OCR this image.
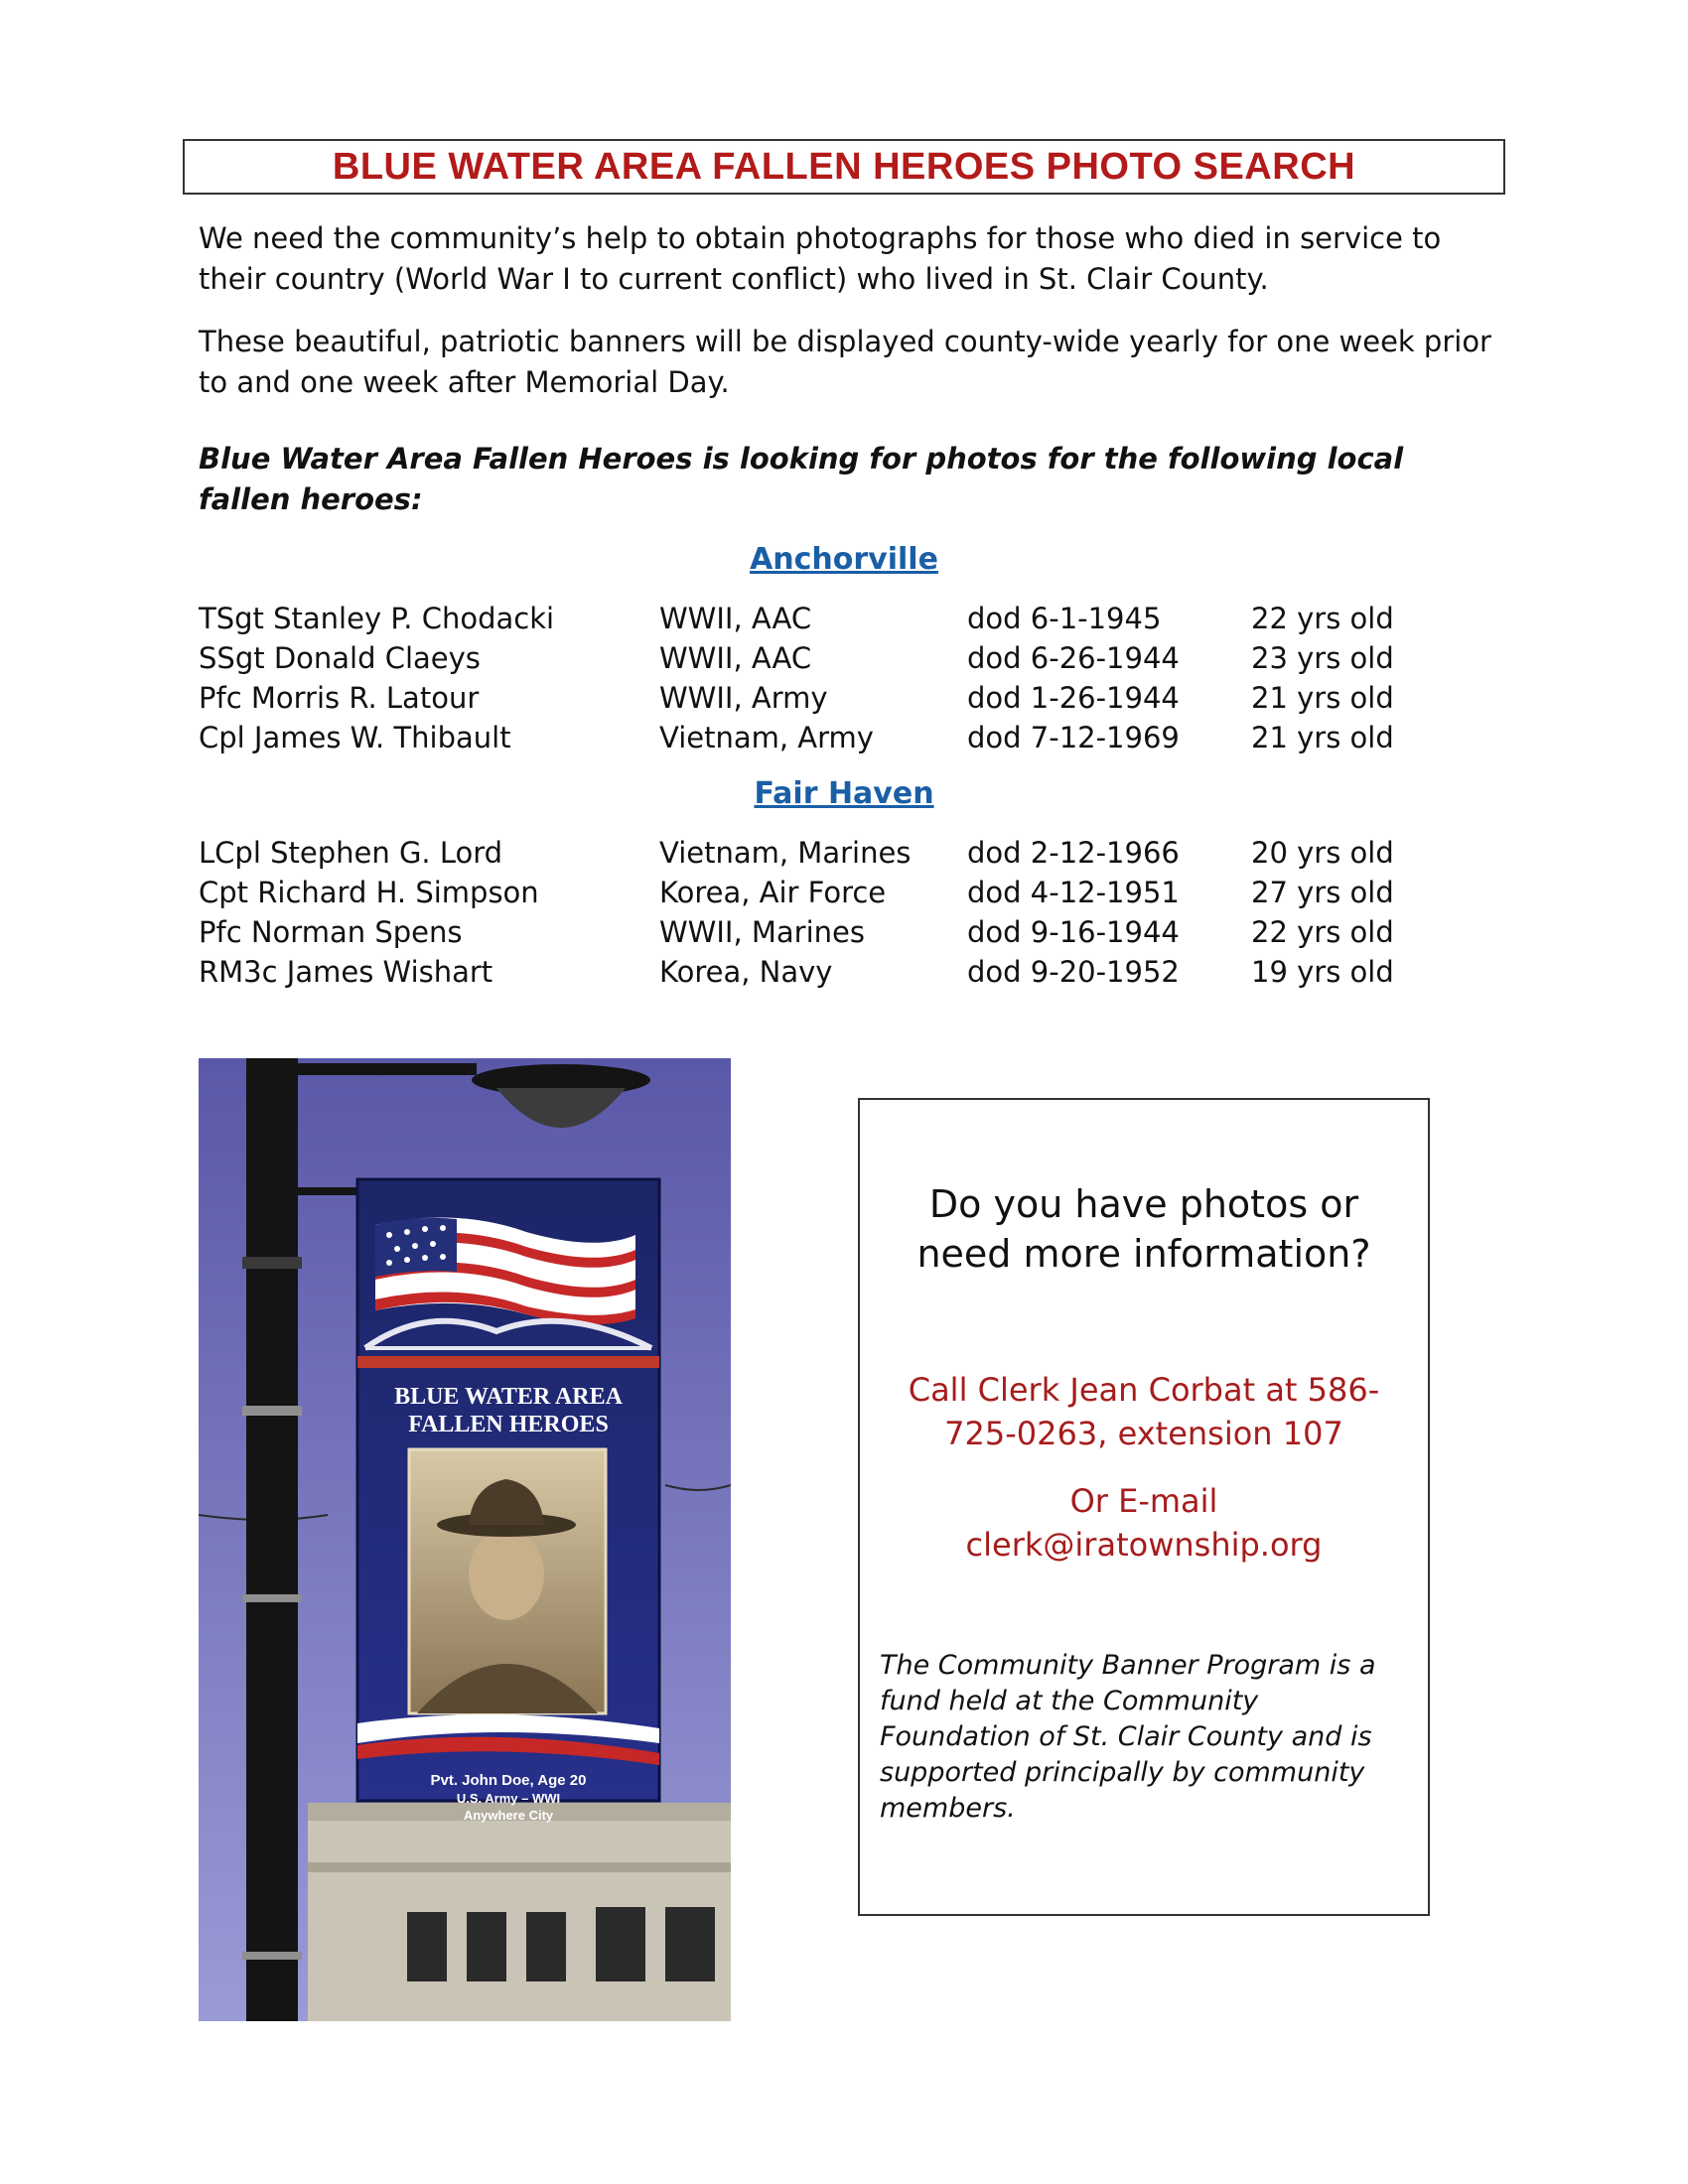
BLUE WATER AREA FALLEN HEROES PHOTO SEARCH

We need the community’s help to obtain photographs for those who died in service to their country (World War I to current conflict) who lived in St. Clair County.

These beautiful, patriotic banners will be displayed county-wide yearly for one week prior to and one week after Memorial Day.

Blue Water Area Fallen Heroes is looking for photos for the following local fallen heroes:

Anchorville
TSgt Stanley P. Chodacki	WWII, AAC	dod 6-1-1945	22 yrs old
SSgt Donald Claeys	WWII, AAC	dod 6-26-1944 23 yrs old
Pfc Morris R. Latour	WWII, Army	dod 1-26-1944 21 yrs old
Cpl James W. Thibault	Vietnam, Army	dod 7-12-1969 21 yrs old
Fair Haven
LCpl Stephen G. Lord	Vietnam, Marines dod 2-12-1966 20 yrs old
Cpt Richard H. Simpson	Korea, Air Force	dod 4-12-1951 27 yrs old
Pfc Norman Spens	WWII, Marines	dod 9-16-1944 22 yrs old
RM3c James Wishart	Korea, Navy	dod 9-20-1952 19 yrs old
BLUE WATER AREA
FALLEN HEROES
Pvt. John Doe, Age 20
U.S. Army – WWI
Anywhere City
Do you have photos or need more information?
Call Clerk Jean Corbat at 586-725-0263, extension 107
Or E-mail
clerk@iratownship.org
The Community Banner Program is a fund held at the Community Foundation of St. Clair County and is supported principally by community members.
